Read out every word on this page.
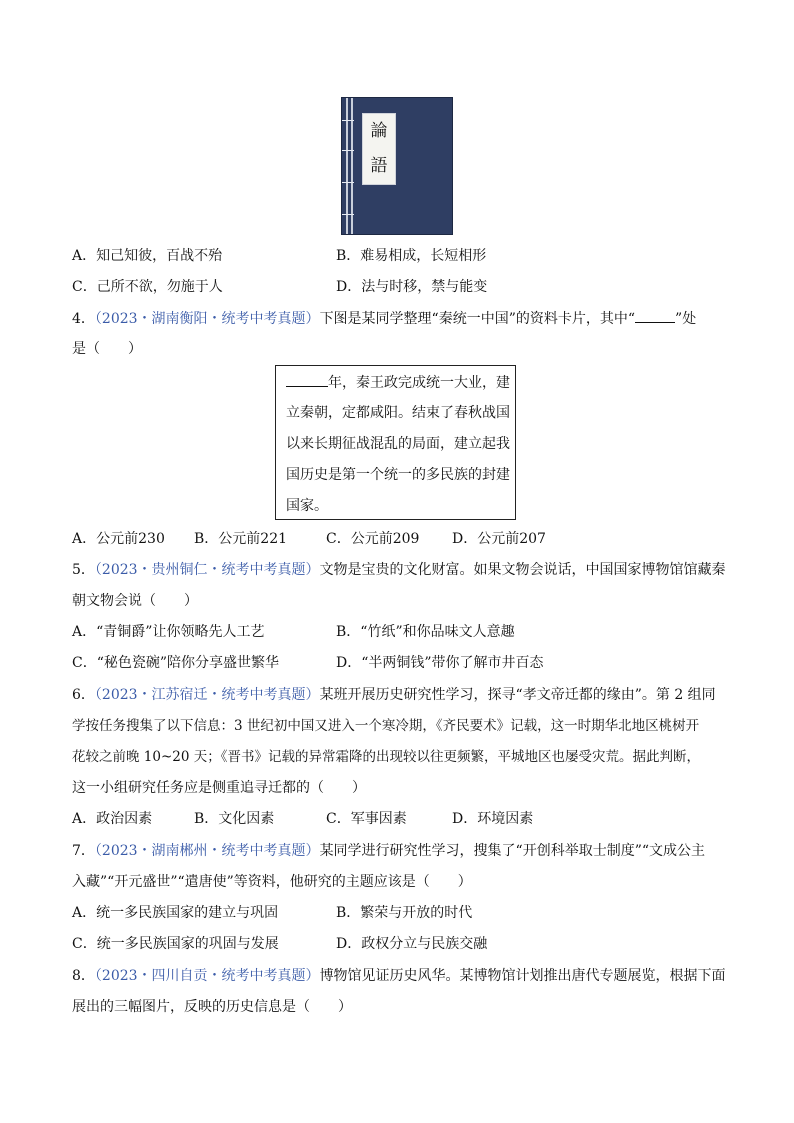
論
語
A．知己知彼，百战不殆	B．难易相成，长短相形
C．己所不欲，勿施于人	D．法与时移，禁与能变
4．（2023・湖南衡阳・统考中考真题）下图是某同学整理“秦统一中国”的资料卡片，其中“	”处
是（　　）
年，秦王政完成统一大业，建
立秦朝，定都咸阳。结束了春秋战国
以来长期征战混乱的局面，建立起我
国历史是第一个统一的多民族的封建
国家。
A．公元前230 B．公元前221	C．公元前209 D．公元前207
5．（2023・贵州铜仁・统考中考真题）文物是宝贵的文化财富。如果文物会说话，中国国家博物馆馆藏秦
朝文物会说（　　）
A．“青铜爵”让你领略先人工艺	B．“竹纸”和你品味文人意趣
C．“秘色瓷碗”陪你分享盛世繁华	D．“半两铜钱”带你了解市井百态
6．（2023・江苏宿迁・统考中考真题）某班开展历史研究性学习，探寻“孝文帝迁都的缘由”。第 2 组同
学按任务搜集了以下信息：3 世纪初中国又进入一个寒冷期，《齐民要术》记载，这一时期华北地区桃树开
花较之前晚 10~20 天；《晋书》记载的异常霜降的出现较以往更频繁，平城地区也屡受灾荒。据此判断，
这一小组研究任务应是侧重追寻迁都的（　　）
A．政治因素	B．文化因素	C．军事因素	D．环境因素
7．（2023・湖南郴州・统考中考真题）某同学进行研究性学习，搜集了“开创科举取士制度”“文成公主
入藏”“开元盛世”“遣唐使”等资料，他研究的主题应该是（　　）
A．统一多民族国家的建立与巩固	B．繁荣与开放的时代
C．统一多民族国家的巩固与发展	D．政权分立与民族交融
8．（2023・四川自贡・统考中考真题）博物馆见证历史风华。某博物馆计划推出唐代专题展览，根据下面
展出的三幅图片，反映的历史信息是（　　）
